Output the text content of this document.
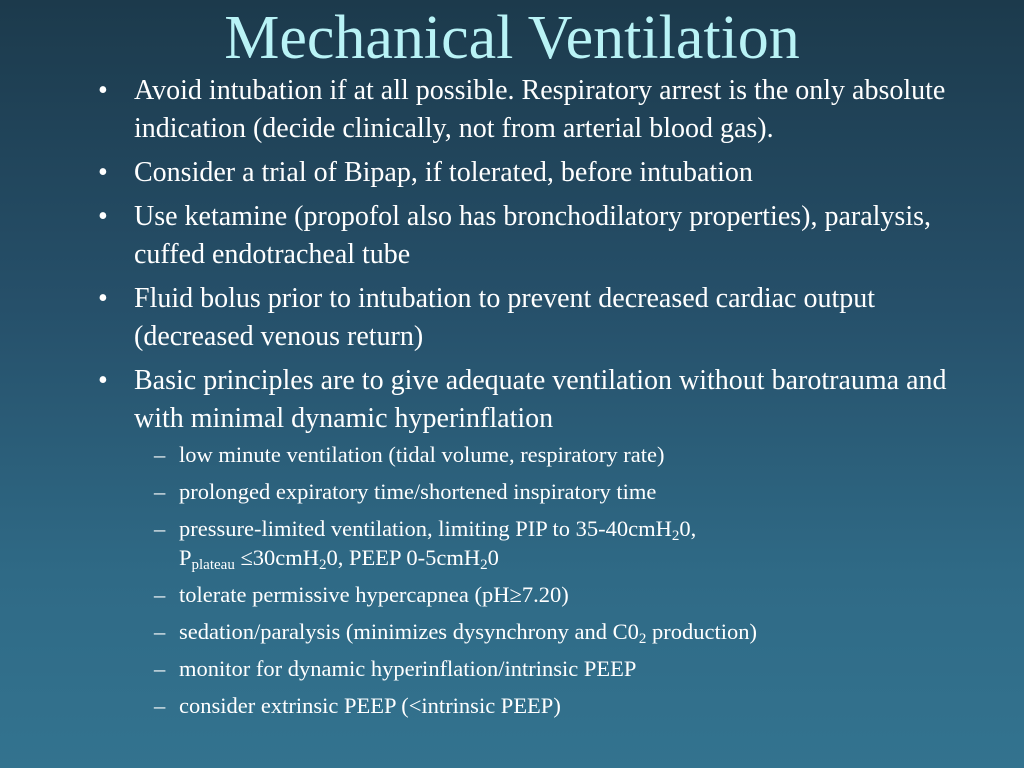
Mechanical Ventilation
• Avoid intubation if at all possible. Respiratory arrest is the only absolute indication (decide clinically, not from arterial blood gas).
• Consider a trial of Bipap, if tolerated, before intubation
• Use ketamine (propofol also has bronchodilatory properties), paralysis, cuffed endotracheal tube
• Fluid bolus prior to intubation to prevent decreased cardiac output (decreased venous return)
• Basic principles are to give adequate ventilation without barotrauma and with minimal dynamic hyperinflation
– low minute ventilation (tidal volume, respiratory rate)
– prolonged expiratory time/shortened inspiratory time
– pressure-limited ventilation, limiting PIP to 35-40cmH$_2$0,
$P_{plateau} \le 30cmH_20$, PEEP 0-5cmH$_2$0
– tolerate permissive hypercapnea (pH≥7.20)
– sedation/paralysis (minimizes dysynchrony and $C0_2$ production)
– monitor for dynamic hyperinflation/intrinsic PEEP
– consider extrinsic PEEP (<intrinsic PEEP)
